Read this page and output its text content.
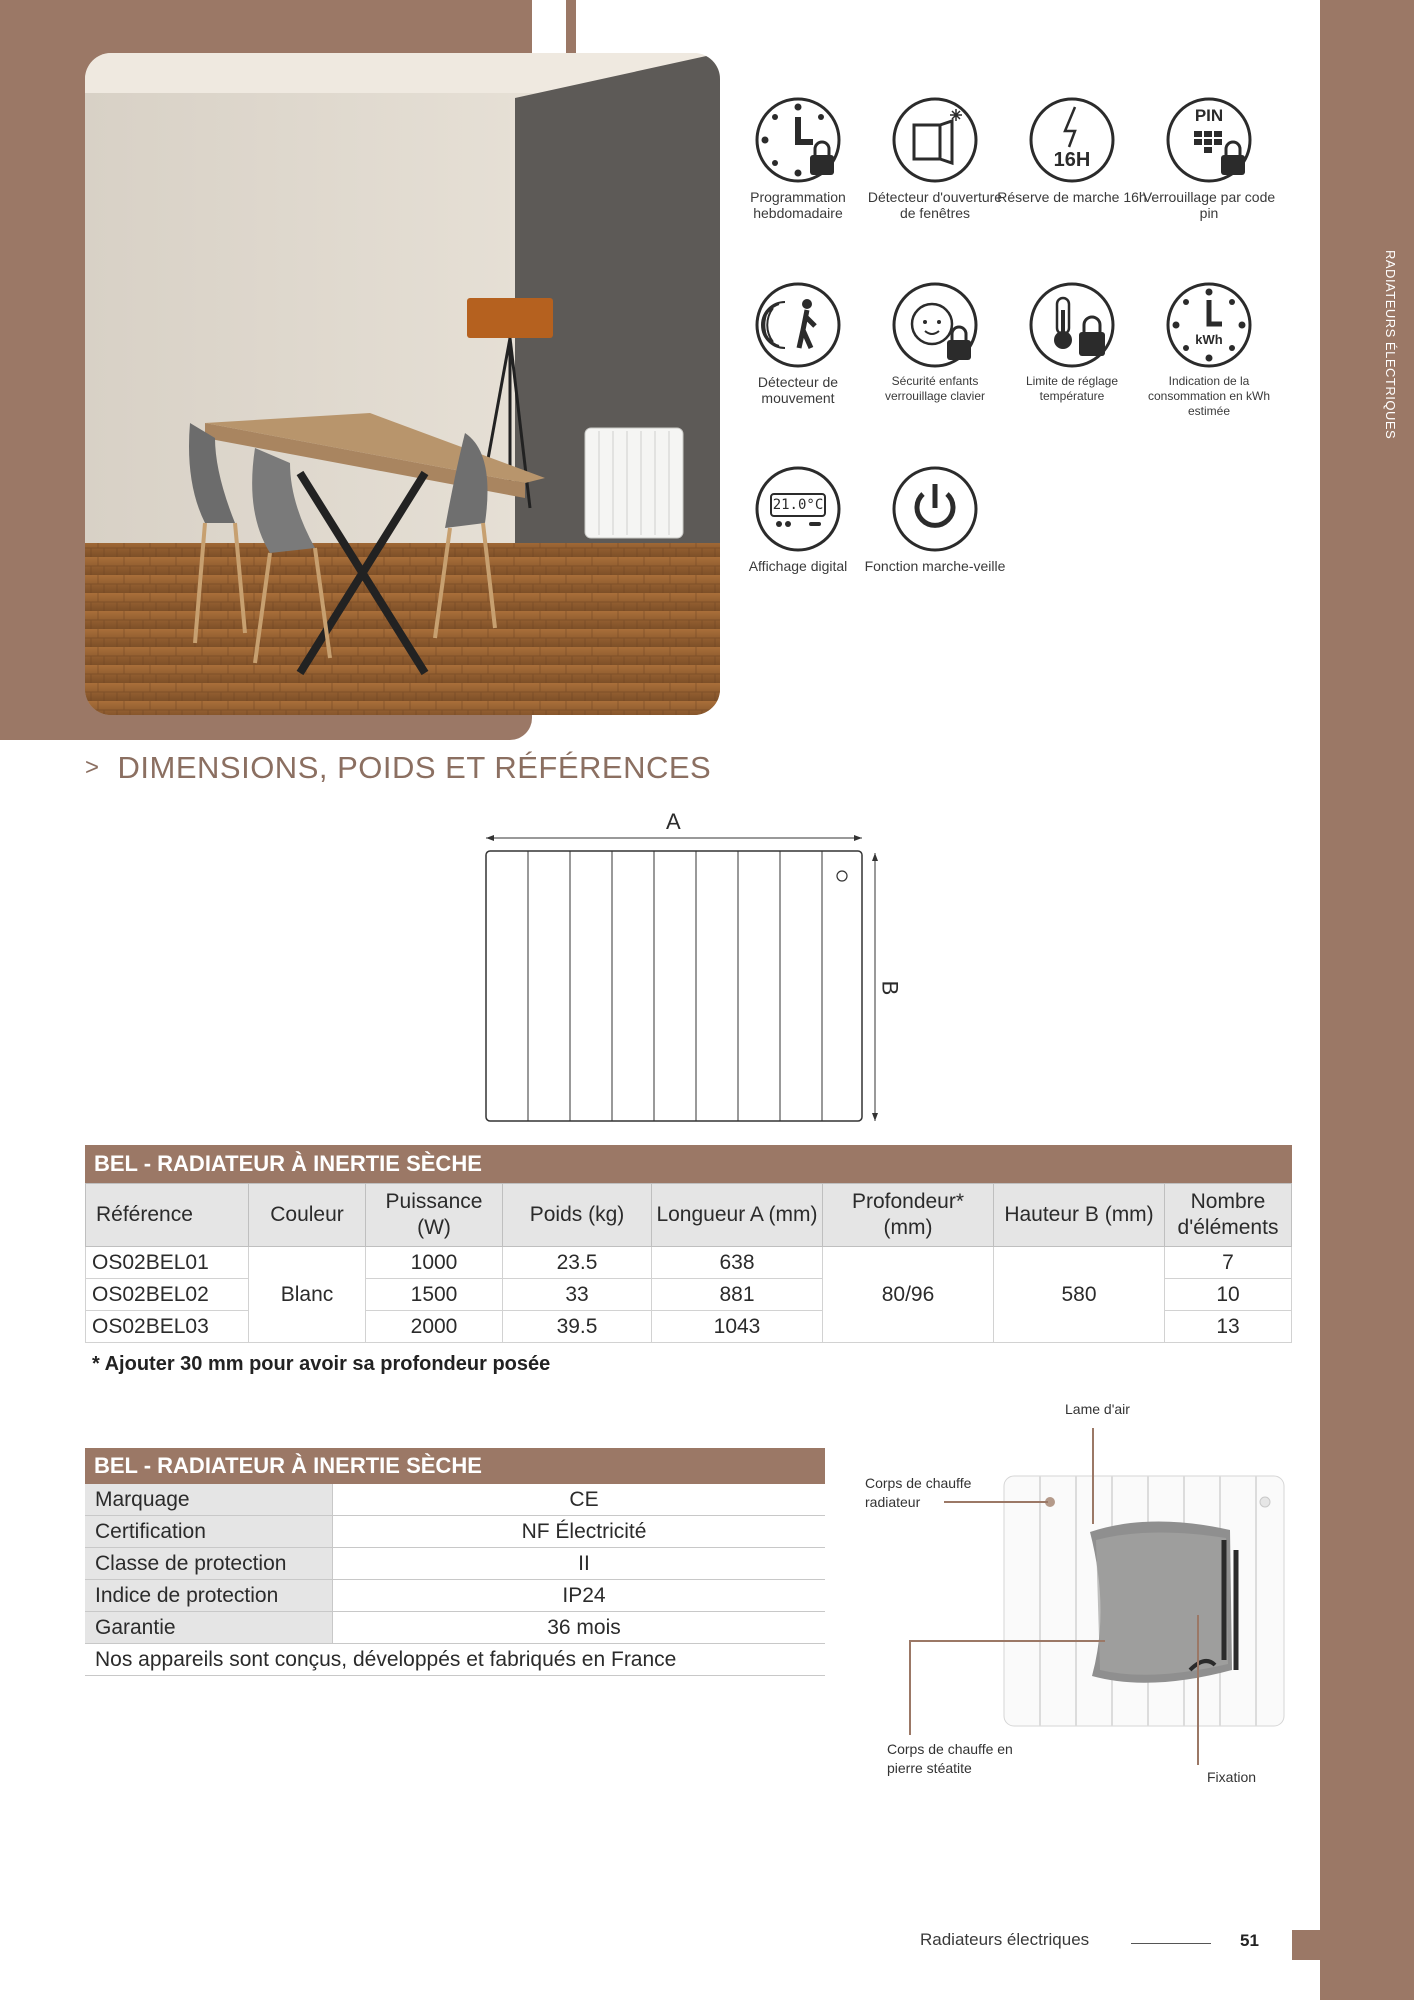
RADIATEURS ÉLECTRIQUES
Programmation hebdomadaire
Détecteur d'ouverture de fenêtres
16H
Réserve de marche 16h
PIN
Verrouillage par code pin
Détecteur de mouvement
Sécurité enfants verrouillage clavier
Limite de réglage température
kWh
Indication de la consommation en kWh estimée
21.0°C
Affichage digital	Fonction marche-veille
> DIMENSIONS, POIDS ET RÉFÉRENCES
A
B
BEL - RADIATEUR À INERTIE SÈCHE
Référence	Couleur	Puissance (W)	Poids (kg)	Longueur A (mm)	Profondeur* (mm)	Hauteur B (mm)	Nombre d'éléments
OS02BEL01	Blanc	1000	23.5	638	80/96	580	7
OS02BEL02		1500	33	881			10
OS02BEL03		2000	39.5	1043			13
* Ajouter 30 mm pour avoir sa profondeur posée
BEL - RADIATEUR À INERTIE SÈCHE
Marquage	CE
Certification	NF Électricité
Classe de protection	II
Indice de protection	IP24
Garantie	36 mois
Nos appareils sont conçus, développés et fabriqués en France	
Lame d'air
Corps de chauffe radiateur
Corps de chauffe en pierre stéatite
Fixation
Radiateurs électriques	51
